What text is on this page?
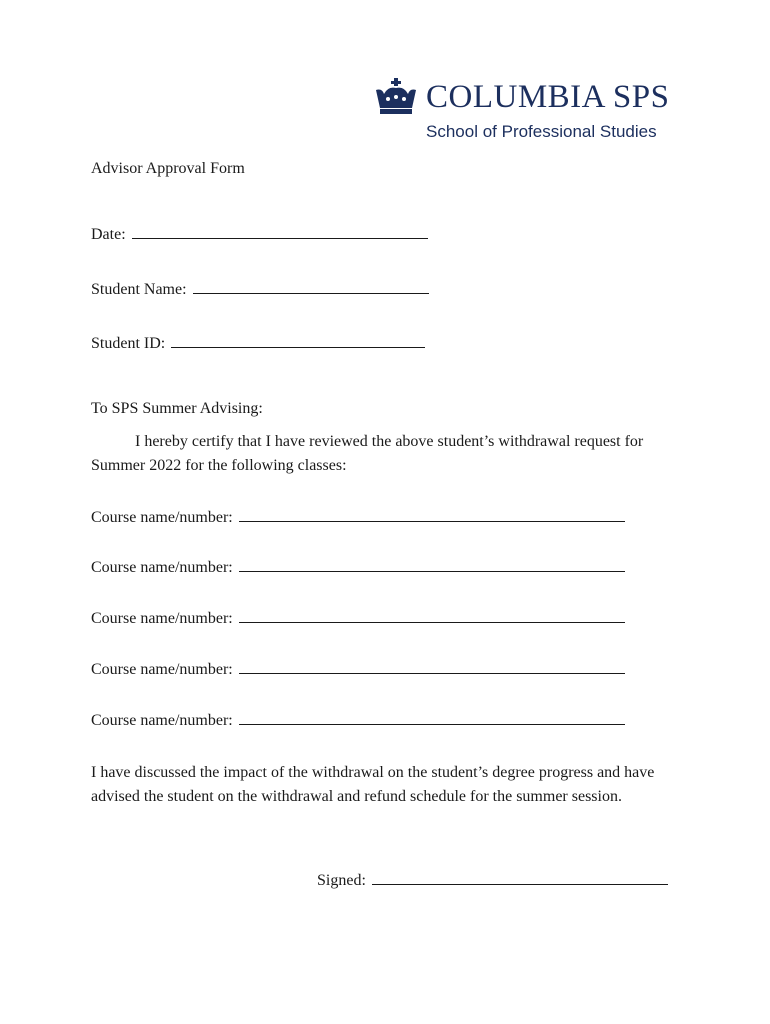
COLUMBIA SPS
School of Professional Studies
Advisor Approval Form
Date:
Student Name:
Student ID:
To SPS Summer Advising:
I hereby certify that I have reviewed the above student’s withdrawal request for Summer 2022 for the following classes:
Course name/number:
Course name/number:
Course name/number:
Course name/number:
Course name/number:
I have discussed the impact of the withdrawal on the student’s degree progress and have advised the student on the withdrawal and refund schedule for the summer session.
Signed:
